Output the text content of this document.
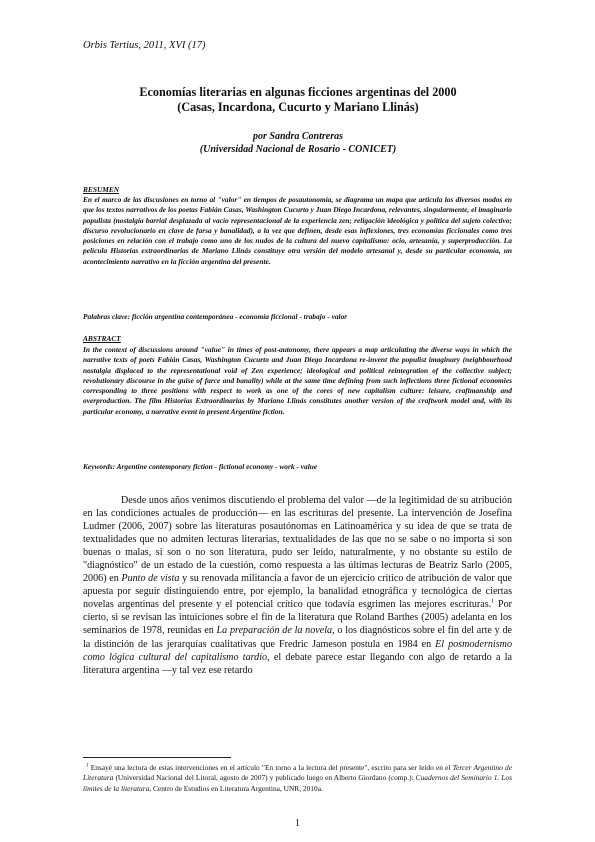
Orbis Tertius, 2011, XVI (17)
Economías literarias en algunas ficciones argentinas del 2000
(Casas, Incardona, Cucurto y Mariano Llinás)
por Sandra Contreras
(Universidad Nacional de Rosario - CONICET)
RESUMEN

En el marco de las discusiones en torno al "valor" en tiempos de posautonomía, se diagrama un mapa que articula los diversos modos en que los textos narrativos de los poetas Fabián Casas, Washington Cucurto y Juan Diego Incardona, relevantes, singularmente, el imaginario populista (nostalgia barrial desplazada al vacío representacional de la experiencia zen; religación ideológica y política del sujeto colectivo; discurso revolucionario en clave de farsa y banalidad), a la vez que definen, desde esas inflexiones, tres economías ficcionales como tres posiciones en relación con el trabajo como uno de los nudos de la cultura del nuevo capitalismo: ocio, artesanía, y superproducción. La película Historias extraordinarias de Mariano Llinás constituye otra versión del modelo artesanal y, desde su particular economía, un acontecimiento narrativo en la ficción argentina del presente.

Palabras clave: ficción argentina contemporánea - economía ficcional - trabajo - valor
ABSTRACT

In the context of discussions around "value" in times of post-autonomy, there appears a map articulating the diverse ways in which the narrative texts of poets Fabián Casas, Washington Cucurto and Juan Diego Incardona re-invent the populist imaginary (neighbourhood nostalgia displaced to the representational void of Zen experience; ideological and political reintegration of the collective subject; revolutionary discourse in the guise of farce and banality) while at the same time defining from such inflections three fictional economies corresponding to three positions with respect to work as one of the cores of new capitalism culture: leisure, craftmanship and overproduction. The film Historias Extraordinarias by Mariano Llinás constitutes another version of the craftwork model and, with its particular economy, a narrative event in present Argentine fiction.

Keywords: Argentine contemporary fiction - fictional economy - work - value

Desde unos años venimos discutiendo el problema del valor —de la legitimidad de su atribución en las condiciones actuales de producción— en las escrituras del presente. La intervención de Josefina Ludmer (2006, 2007) sobre las literaturas posautónomas en Latinoamérica y su idea de que se trata de textualidades que no admiten lecturas literarias, textualidades de las que no se sabe o no importa si son buenas o malas, si son o no son literatura, pudo ser leído, naturalmente, y no obstante su estilo de "diagnóstico" de un estado de la cuestión, como respuesta a las últimas lecturas de Beatriz Sarlo (2005, 2006) en Punto de vista y su renovada militancia a favor de un ejercicio crítico de atribución de valor que apuesta por seguir distinguiendo entre, por ejemplo, la banalidad etnográfica y tecnológica de ciertas novelas argentinas del presente y el potencial crítico que todavía esgrimen las mejores escrituras.$^1$ Por cierto, si se revisan las intuiciones sobre el fin de la literatura que Roland Barthes (2005) adelanta en los seminarios de 1978, reunidas en La preparación de la novela, o los diagnósticos sobre el fin del arte y de la distinción de las jerarquías cualitativas que Fredric Jameson postula en 1984 en El posmodernismo como lógica cultural del capitalismo tardío, el debate parece estar llegando con algo de retardo a la literatura argentina —y tal vez ese retardo

$^1$ Ensayé una lectura de estas intervenciones en el artículo "En torno a la lectura del presente", escrito para ser leído en el Tercer Argentino de Literatura (Universidad Nacional del Litoral, agosto de 2007) y publicado luego en Alberto Giordano (comp.): Cuadernos del Seminario 1. Los límites de la literatura, Centro de Estudios en Literatura Argentina, UNR, 2010a.

1
